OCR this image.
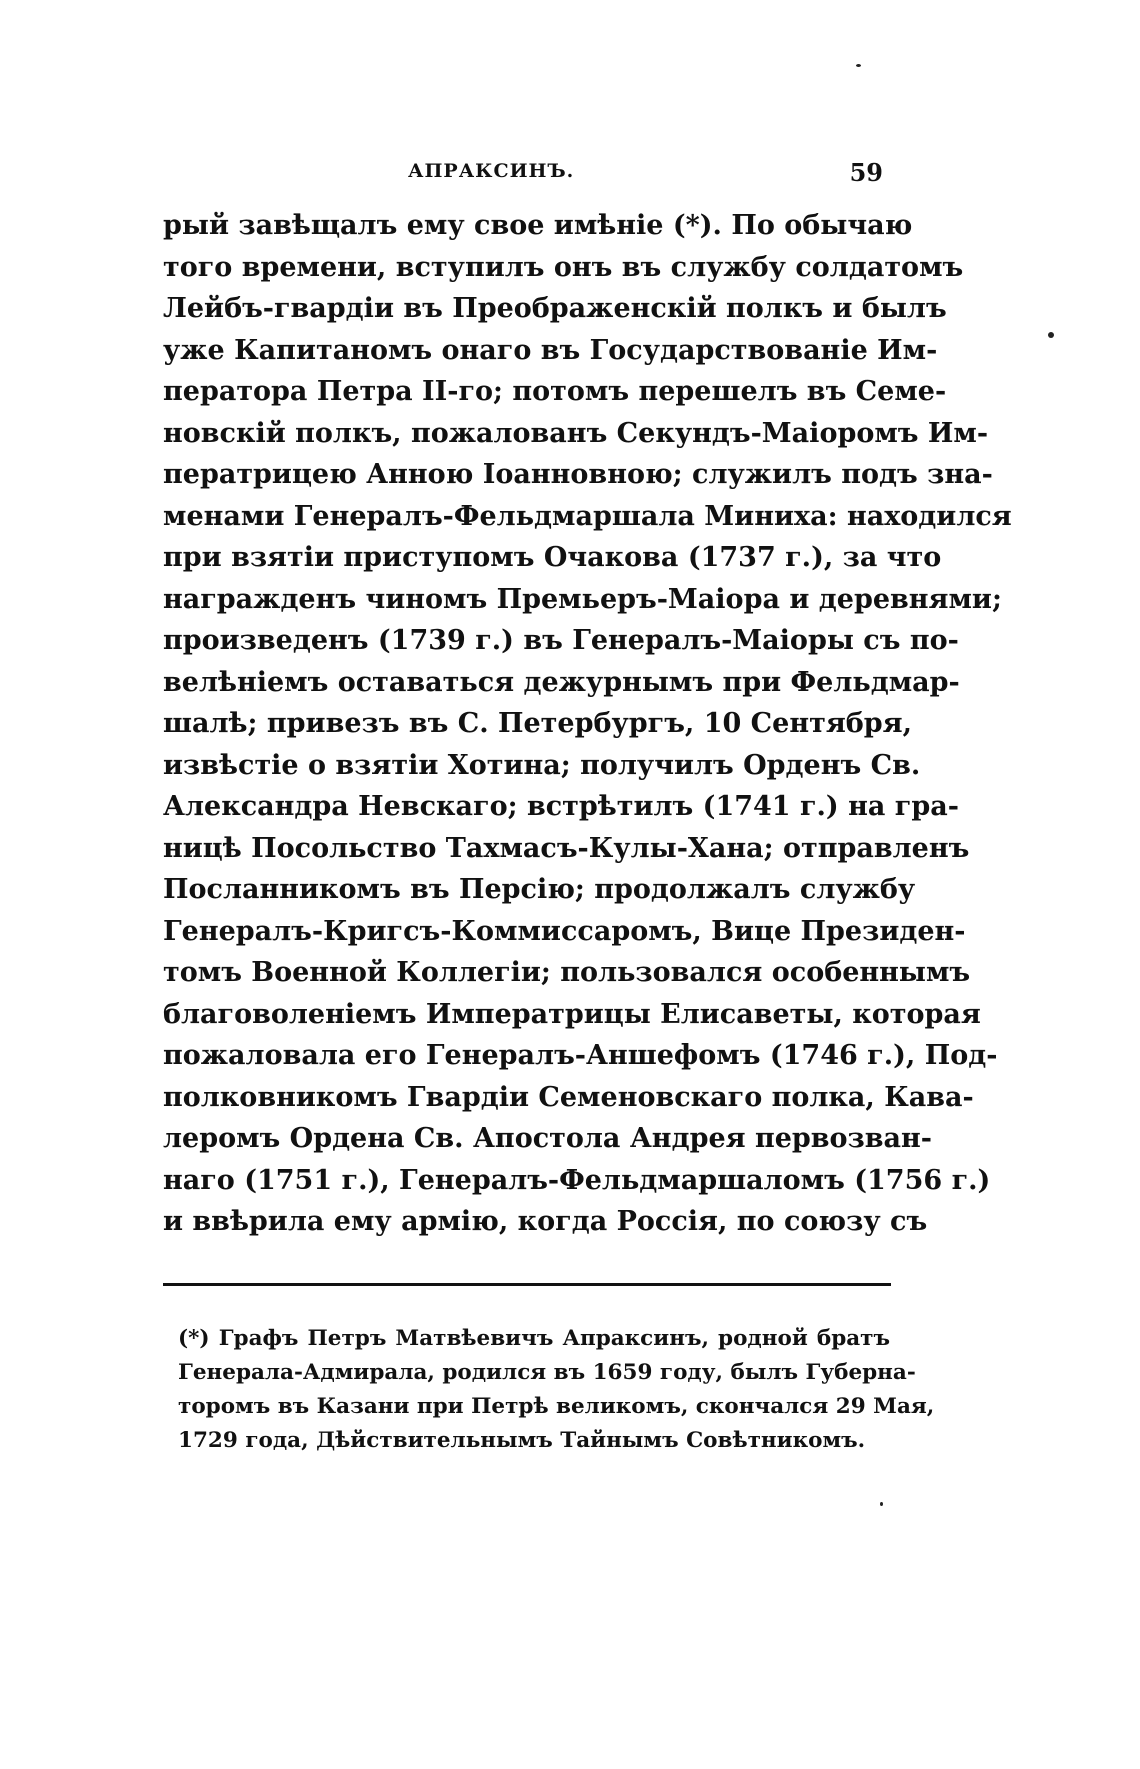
АПРАКСИНЪ.	59
рый завѣщалъ ему свое имѣніе (*). По обычаю
того времени, вступилъ онъ въ службу солдатомъ
Лейбъ-гвардіи въ Преображенскій полкъ и былъ
уже Капитаномъ онаго въ Государствованіе Им-
ператора Петра II-го; потомъ перешелъ въ Семе-
новскій полкъ, пожалованъ Секундъ-Маіоромъ Им-
ператрицею Анною Іоанновною; служилъ подъ зна-
менами Генералъ-Фельдмаршала Миниха: находился
при взятіи приступомъ Очакова (1737 г.), за что
награжденъ чиномъ Премьеръ-Маіора и деревнями;
произведенъ (1739 г.) въ Генералъ-Маіоры съ по-
велѣніемъ оставаться дежурнымъ при Фельдмар-
шалѣ; привезъ въ С. Петербургъ, 10 Сентября,
извѣстіе о взятіи Хотина; получилъ Орденъ Св.
Александра Невскаго; встрѣтилъ (1741 г.) на гра-
ницѣ Посольство Тахмасъ-Кулы-Хана; отправленъ
Посланникомъ въ Персію; продолжалъ службу
Генералъ-Кригсъ-Коммиссаромъ, Вице Президен-
томъ Военной Коллегіи; пользовался особеннымъ
благоволеніемъ Императрицы Елисаветы, которая
пожаловала его Генералъ-Аншефомъ (1746 г.), Под-
полковникомъ Гвардіи Семеновскаго полка, Кава-
леромъ Ордена Св. Апостола Андрея первозван-
наго (1751 г.), Генералъ-Фельдмаршаломъ (1756 г.)
и ввѣрила ему армію, когда Россія, по союзу съ
(*) Графъ Петръ Матвѣевичъ Апраксинъ, родной братъ
Генерала-Адмирала, родился въ 1659 году, былъ Губерна-
торомъ въ Казани при Петрѣ великомъ, скончался 29 Мая,
1729 года, Дѣйствительнымъ Тайнымъ Совѣтникомъ.
